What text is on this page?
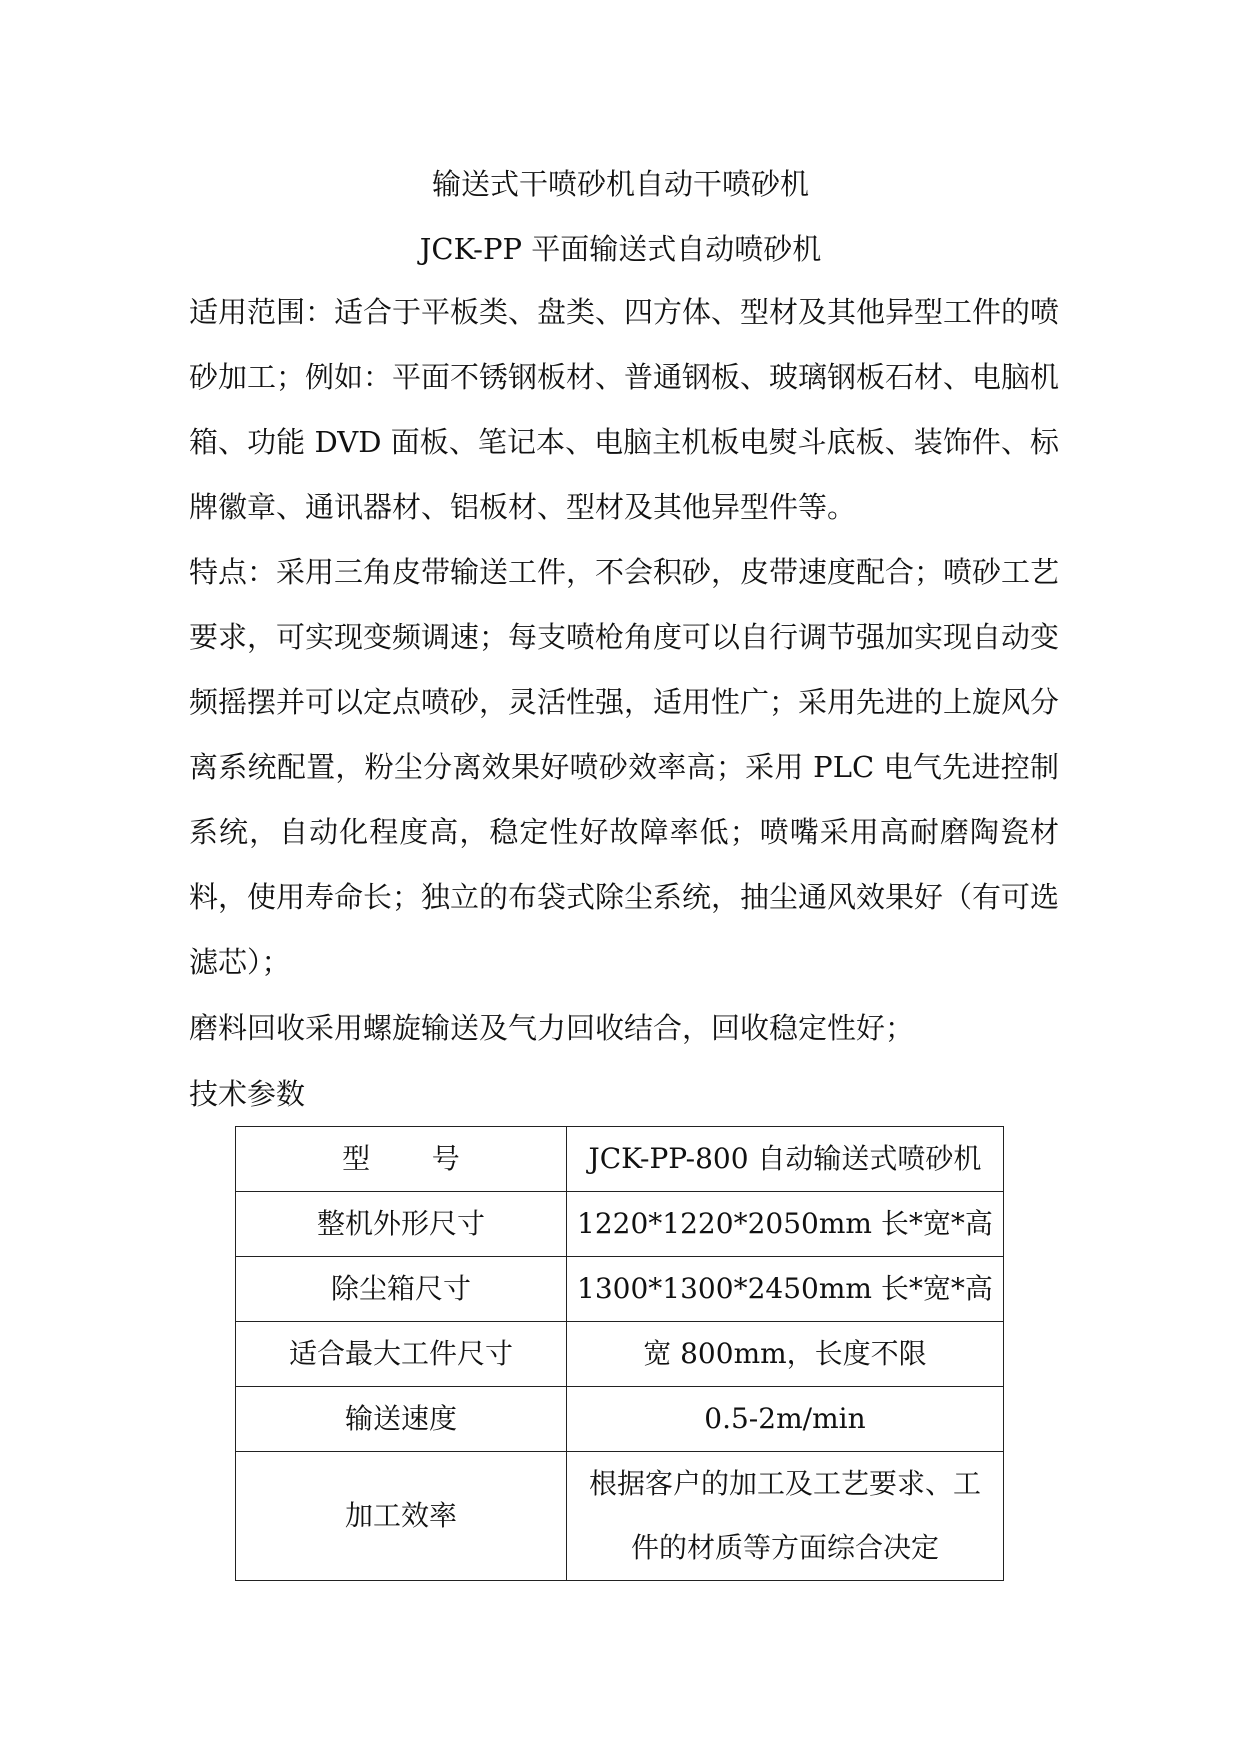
输送式干喷砂机自动干喷砂机
JCK-PP 平面输送式自动喷砂机
适用范围：适合于平板类、盘类、四方体、型材及其他异型工件的喷砂加工；例如：平面不锈钢板材、普通钢板、玻璃钢板石材、电脑机箱、功能 DVD 面板、笔记本、电脑主机板电熨斗底板、装饰件、标牌徽章、通讯器材、铝板材、型材及其他异型件等。
特点：采用三角皮带输送工件，不会积砂，皮带速度配合；喷砂工艺要求，可实现变频调速；每支喷枪角度可以自行调节强加实现自动变频摇摆并可以定点喷砂，灵活性强，适用性广；采用先进的上旋风分离系统配置，粉尘分离效果好喷砂效率高；采用 PLC 电气先进控制系统，自动化程度高，稳定性好故障率低；喷嘴采用高耐磨陶瓷材料，使用寿命长；独立的布袋式除尘系统，抽尘通风效果好（有可选滤芯）；
磨料回收采用螺旋输送及气力回收结合，回收稳定性好；
技术参数
型号	JCK-PP-800 自动输送式喷砂机
整机外形尺寸	1220*1220*2050mm 长*宽*高
除尘箱尺寸	1300*1300*2450mm 长*宽*高
适合最大工件尺寸	宽 800mm，长度不限
输送速度	0.5-2m/min
加工效率	根据客户的加工及工艺要求、工件的材质等方面综合决定
